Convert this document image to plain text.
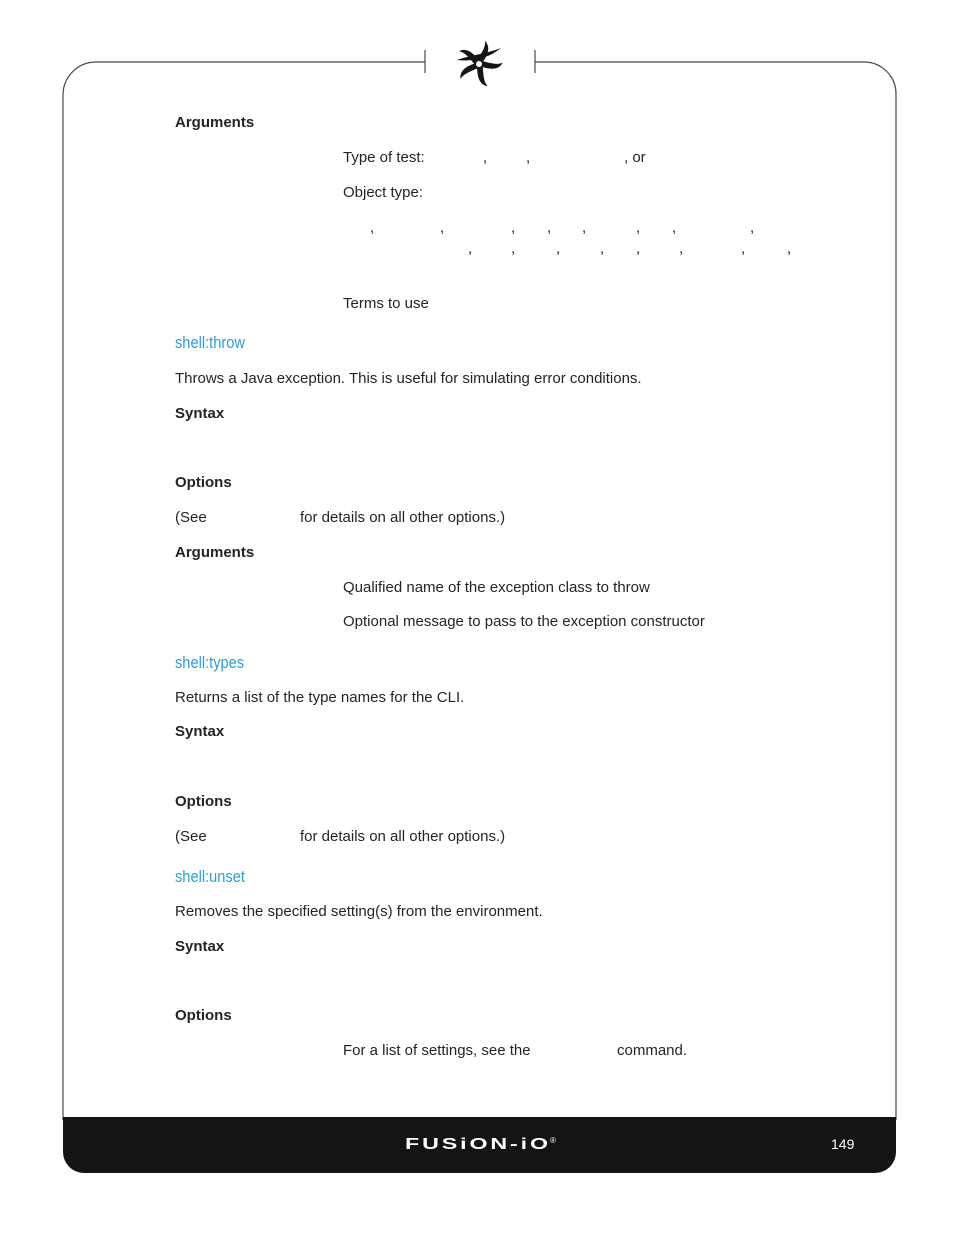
Arguments
Type of test:	,	,	, or
Object type:
,	,	, , ,	, ,	,
,	,	,	, ,	,	,	,
Terms to use
shell:throw
Throws a Java exception. This is useful for simulating error conditions.
Syntax
Options
(See	for details on all other options.)
Arguments
Qualified name of the exception class to throw
Optional message to pass to the exception constructor
shell:types
Returns a list of the type names for the CLI.
Syntax
Options
(See	for details on all other options.)
shell:unset
Removes the specified setting(s) from the environment.
Syntax
Options
For a list of settings, see the	command.
FUSiON-iO ®	149
